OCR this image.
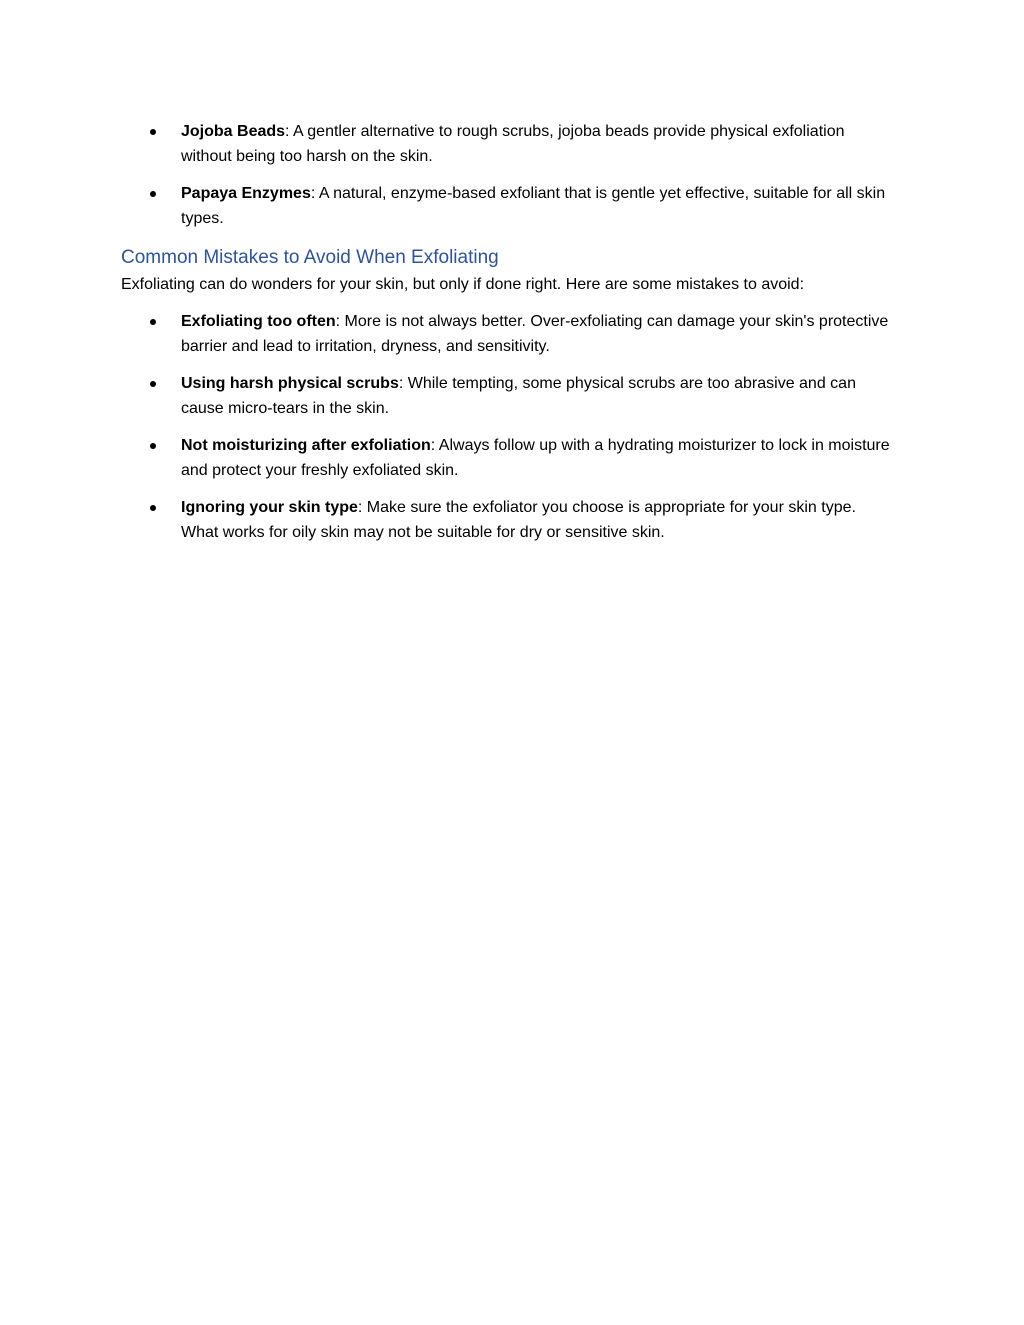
Jojoba Beads: A gentler alternative to rough scrubs, jojoba beads provide physical exfoliation without being too harsh on the skin.
Papaya Enzymes: A natural, enzyme-based exfoliant that is gentle yet effective, suitable for all skin types.
Common Mistakes to Avoid When Exfoliating

Exfoliating can do wonders for your skin, but only if done right. Here are some mistakes to avoid:

Exfoliating too often: More is not always better. Over-exfoliating can damage your skin's protective barrier and lead to irritation, dryness, and sensitivity.
Using harsh physical scrubs: While tempting, some physical scrubs are too abrasive and can cause micro-tears in the skin.
Not moisturizing after exfoliation: Always follow up with a hydrating moisturizer to lock in moisture and protect your freshly exfoliated skin.
Ignoring your skin type: Make sure the exfoliator you choose is appropriate for your skin type. What works for oily skin may not be suitable for dry or sensitive skin.
